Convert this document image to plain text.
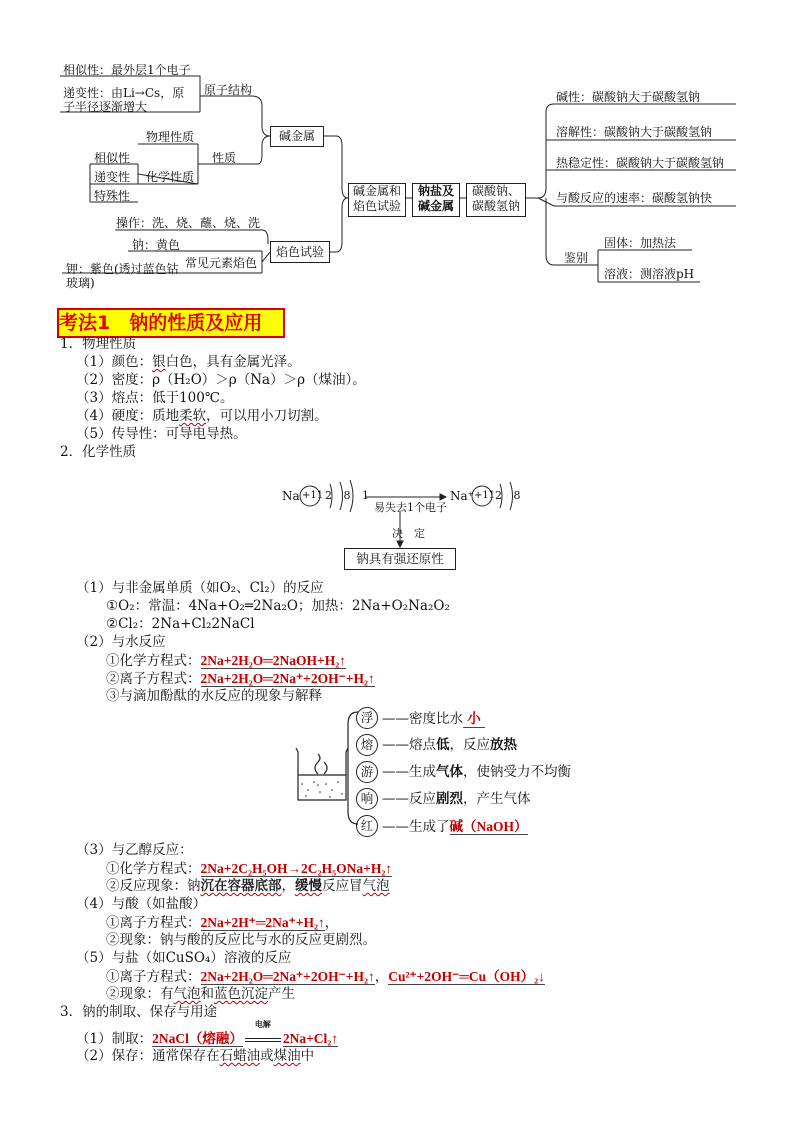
相似性：最外层1个电子
递变性：由Li→Cs，原
子半径逐渐增大
原子结构
物理性质
相似性
递变性
特殊性
化学性质
性质
碱金属
操作：洗、烧、蘸、烧、洗
钠：黄色
钾：紫色(透过蓝色钴
玻璃)
常见元素焰色
焰色试验
碱金属和
焰色试验
钠盐及
碱金属
碳酸钠、
碳酸氢钠
碱性：碳酸钠大于碳酸氢钠
溶解性：碳酸钠大于碳酸氢钠
热稳定性：碳酸钠大于碳酸氢钠
与酸反应的速率：碳酸氢钠快
鉴别
固体：加热法
溶液：测溶液pH
考法1　钠的性质及应用
1．物理性质
（1）颜色：银白色，具有金属光泽。
（2）密度：ρ（H₂O）＞ρ（Na）＞ρ（煤油）。
（3）熔点：低于100℃。
（4）硬度：质地柔软，可以用小刀切割。
（5）传导性：可导电导热。
2．化学性质
Na +11 2 8 1
易失去1个电子
Na⁺ +11 2 8
决　定
钠具有强还原性
（1）与非金属单质（如O₂、Cl₂）的反应
①O₂：常温：4Na+O₂═2Na₂O；加热：2Na+O₂Na₂O₂
②Cl₂：2Na+Cl₂2NaCl
（2）与水反应
①化学方程式：2Na+2H₂O═2NaOH+H₂↑
②离子方程式：2Na+2H₂O═2Na⁺+2OH⁻+H₂↑
③与滴加酚酞的水反应的现象与解释
浮 ——密度比水 小
熔 ——熔点低，反应放热
游 ——生成气体，使钠受力不均衡
响 ——反应剧烈，产生气体
红 ——生成了碱（NaOH）
（3）与乙醇反应：
①化学方程式：2Na+2C₂H₅OH→2C₂H₅ONa+H₂↑
②反应现象：钠沉在容器底部，缓慢反应冒气泡
（4）与酸（如盐酸）
①离子方程式：2Na+2H⁺═2Na⁺+H₂↑，
②现象：钠与酸的反应比与水的反应更剧烈。
（5）与盐（如CuSO₄）溶液的反应
①离子方程式：2Na+2H₂O═2Na⁺+2OH⁻+H₂↑，Cu²⁺+2OH⁻═Cu（OH）₂↓
②现象：有气泡和蓝色沉淀产生
3．钠的制取、保存与用途
（1）制取：2NaCl（熔融）
电解
2Na+Cl₂↑
（2）保存：通常保存在石蜡油或煤油中
